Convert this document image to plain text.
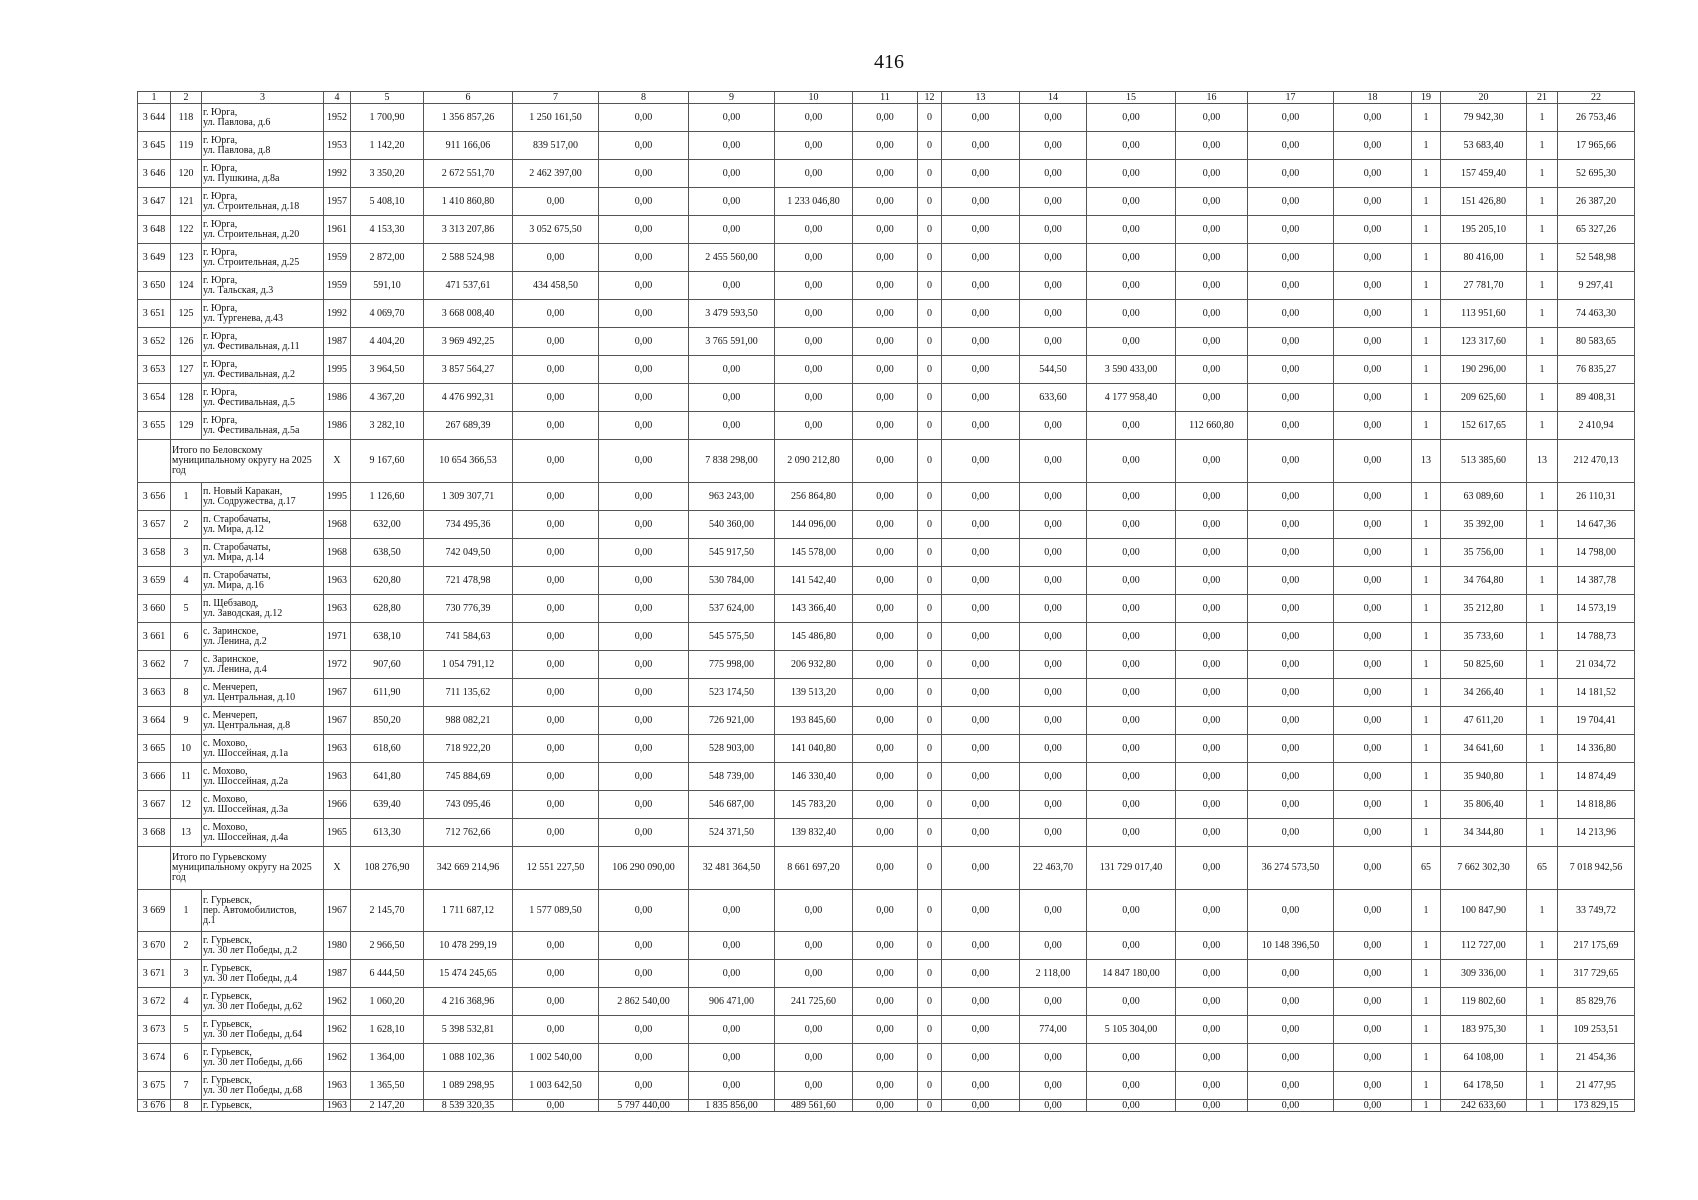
416
1	2	3	4	5	6	7	8	9	10	11	12	13	14	15	16	17	18	19	20	21	22
3 644	118	г. Юрга,
ул. Павлова, д.6	1952	1 700,90	1 356 857,26	1 250 161,50	0,00	0,00	0,00	0,00	0	0,00	0,00	0,00	0,00	0,00	0,00	1	79 942,30	1	26 753,46
3 645	119	г. Юрга,
ул. Павлова, д.8	1953	1 142,20	911 166,06	839 517,00	0,00	0,00	0,00	0,00	0	0,00	0,00	0,00	0,00	0,00	0,00	1	53 683,40	1	17 965,66
3 646	120	г. Юрга,
ул. Пушкина, д.8а	1992	3 350,20	2 672 551,70	2 462 397,00	0,00	0,00	0,00	0,00	0	0,00	0,00	0,00	0,00	0,00	0,00	1	157 459,40	1	52 695,30
3 647	121	г. Юрга,
ул. Строительная, д.18	1957	5 408,10	1 410 860,80	0,00	0,00	0,00	1 233 046,80	0,00	0	0,00	0,00	0,00	0,00	0,00	0,00	1	151 426,80	1	26 387,20
3 648	122	г. Юрга,
ул. Строительная, д.20	1961	4 153,30	3 313 207,86	3 052 675,50	0,00	0,00	0,00	0,00	0	0,00	0,00	0,00	0,00	0,00	0,00	1	195 205,10	1	65 327,26
3 649	123	г. Юрга,
ул. Строительная, д.25	1959	2 872,00	2 588 524,98	0,00	0,00	2 455 560,00	0,00	0,00	0	0,00	0,00	0,00	0,00	0,00	0,00	1	80 416,00	1	52 548,98
3 650	124	г. Юрга,
ул. Тальская, д.3	1959	591,10	471 537,61	434 458,50	0,00	0,00	0,00	0,00	0	0,00	0,00	0,00	0,00	0,00	0,00	1	27 781,70	1	9 297,41
3 651	125	г. Юрга,
ул. Тургенева, д.43	1992	4 069,70	3 668 008,40	0,00	0,00	3 479 593,50	0,00	0,00	0	0,00	0,00	0,00	0,00	0,00	0,00	1	113 951,60	1	74 463,30
3 652	126	г. Юрга,
ул. Фестивальная, д.11	1987	4 404,20	3 969 492,25	0,00	0,00	3 765 591,00	0,00	0,00	0	0,00	0,00	0,00	0,00	0,00	0,00	1	123 317,60	1	80 583,65
3 653	127	г. Юрга,
ул. Фестивальная, д.2	1995	3 964,50	3 857 564,27	0,00	0,00	0,00	0,00	0,00	0	0,00	544,50	3 590 433,00	0,00	0,00	0,00	1	190 296,00	1	76 835,27
3 654	128	г. Юрга,
ул. Фестивальная, д.5	1986	4 367,20	4 476 992,31	0,00	0,00	0,00	0,00	0,00	0	0,00	633,60	4 177 958,40	0,00	0,00	0,00	1	209 625,60	1	89 408,31
3 655	129	г. Юрга,
ул. Фестивальная, д.5а	1986	3 282,10	267 689,39	0,00	0,00	0,00	0,00	0,00	0	0,00	0,00	0,00	112 660,80	0,00	0,00	1	152 617,65	1	2 410,94
	Итого по Беловскому муниципальному округу на 2025 год		Х	9 167,60	10 654 366,53	0,00	0,00	7 838 298,00	2 090 212,80	0,00	0	0,00	0,00	0,00	0,00	0,00	0,00	13	513 385,60	13	212 470,13
3 656	1	п. Новый Каракан,
ул. Содружества, д.17	1995	1 126,60	1 309 307,71	0,00	0,00	963 243,00	256 864,80	0,00	0	0,00	0,00	0,00	0,00	0,00	0,00	1	63 089,60	1	26 110,31
3 657	2	п. Старобачаты,
ул. Мира, д.12	1968	632,00	734 495,36	0,00	0,00	540 360,00	144 096,00	0,00	0	0,00	0,00	0,00	0,00	0,00	0,00	1	35 392,00	1	14 647,36
3 658	3	п. Старобачаты,
ул. Мира, д.14	1968	638,50	742 049,50	0,00	0,00	545 917,50	145 578,00	0,00	0	0,00	0,00	0,00	0,00	0,00	0,00	1	35 756,00	1	14 798,00
3 659	4	п. Старобачаты,
ул. Мира, д.16	1963	620,80	721 478,98	0,00	0,00	530 784,00	141 542,40	0,00	0	0,00	0,00	0,00	0,00	0,00	0,00	1	34 764,80	1	14 387,78
3 660	5	п. Щебзавод,
ул. Заводская, д.12	1963	628,80	730 776,39	0,00	0,00	537 624,00	143 366,40	0,00	0	0,00	0,00	0,00	0,00	0,00	0,00	1	35 212,80	1	14 573,19
3 661	6	с. Заринское,
ул. Ленина, д.2	1971	638,10	741 584,63	0,00	0,00	545 575,50	145 486,80	0,00	0	0,00	0,00	0,00	0,00	0,00	0,00	1	35 733,60	1	14 788,73
3 662	7	с. Заринское,
ул. Ленина, д.4	1972	907,60	1 054 791,12	0,00	0,00	775 998,00	206 932,80	0,00	0	0,00	0,00	0,00	0,00	0,00	0,00	1	50 825,60	1	21 034,72
3 663	8	с. Менчереп,
ул. Центральная, д.10	1967	611,90	711 135,62	0,00	0,00	523 174,50	139 513,20	0,00	0	0,00	0,00	0,00	0,00	0,00	0,00	1	34 266,40	1	14 181,52
3 664	9	с. Менчереп,
ул. Центральная, д.8	1967	850,20	988 082,21	0,00	0,00	726 921,00	193 845,60	0,00	0	0,00	0,00	0,00	0,00	0,00	0,00	1	47 611,20	1	19 704,41
3 665	10	с. Мохово,
ул. Шоссейная, д.1а	1963	618,60	718 922,20	0,00	0,00	528 903,00	141 040,80	0,00	0	0,00	0,00	0,00	0,00	0,00	0,00	1	34 641,60	1	14 336,80
3 666	11	с. Мохово,
ул. Шоссейная, д.2а	1963	641,80	745 884,69	0,00	0,00	548 739,00	146 330,40	0,00	0	0,00	0,00	0,00	0,00	0,00	0,00	1	35 940,80	1	14 874,49
3 667	12	с. Мохово,
ул. Шоссейная, д.3а	1966	639,40	743 095,46	0,00	0,00	546 687,00	145 783,20	0,00	0	0,00	0,00	0,00	0,00	0,00	0,00	1	35 806,40	1	14 818,86
3 668	13	с. Мохово,
ул. Шоссейная, д.4а	1965	613,30	712 762,66	0,00	0,00	524 371,50	139 832,40	0,00	0	0,00	0,00	0,00	0,00	0,00	0,00	1	34 344,80	1	14 213,96
	Итого по Гурьевскому муниципальному округу на 2025 год		Х	108 276,90	342 669 214,96	12 551 227,50	106 290 090,00	32 481 364,50	8 661 697,20	0,00	0	0,00	22 463,70	131 729 017,40	0,00	36 274 573,50	0,00	65	7 662 302,30	65	7 018 942,56
3 669	1	г. Гурьевск,
пер. Автомобилистов,
д.1	1967	2 145,70	1 711 687,12	1 577 089,50	0,00	0,00	0,00	0,00	0	0,00	0,00	0,00	0,00	0,00	0,00	1	100 847,90	1	33 749,72
3 670	2	г. Гурьевск,
ул. 30 лет Победы, д.2	1980	2 966,50	10 478 299,19	0,00	0,00	0,00	0,00	0,00	0	0,00	0,00	0,00	0,00	10 148 396,50	0,00	1	112 727,00	1	217 175,69
3 671	3	г. Гурьевск,
ул. 30 лет Победы, д.4	1987	6 444,50	15 474 245,65	0,00	0,00	0,00	0,00	0,00	0	0,00	2 118,00	14 847 180,00	0,00	0,00	0,00	1	309 336,00	1	317 729,65
3 672	4	г. Гурьевск,
ул. 30 лет Победы, д.62	1962	1 060,20	4 216 368,96	0,00	2 862 540,00	906 471,00	241 725,60	0,00	0	0,00	0,00	0,00	0,00	0,00	0,00	1	119 802,60	1	85 829,76
3 673	5	г. Гурьевск,
ул. 30 лет Победы, д.64	1962	1 628,10	5 398 532,81	0,00	0,00	0,00	0,00	0,00	0	0,00	774,00	5 105 304,00	0,00	0,00	0,00	1	183 975,30	1	109 253,51
3 674	6	г. Гурьевск,
ул. 30 лет Победы, д.66	1962	1 364,00	1 088 102,36	1 002 540,00	0,00	0,00	0,00	0,00	0	0,00	0,00	0,00	0,00	0,00	0,00	1	64 108,00	1	21 454,36
3 675	7	г. Гурьевск,
ул. 30 лет Победы, д.68	1963	1 365,50	1 089 298,95	1 003 642,50	0,00	0,00	0,00	0,00	0	0,00	0,00	0,00	0,00	0,00	0,00	1	64 178,50	1	21 477,95
3 676	8	г. Гурьевск,	1963	2 147,20	8 539 320,35	0,00	5 797 440,00	1 835 856,00	489 561,60	0,00	0	0,00	0,00	0,00	0,00	0,00	0,00	1	242 633,60	1	173 829,15
